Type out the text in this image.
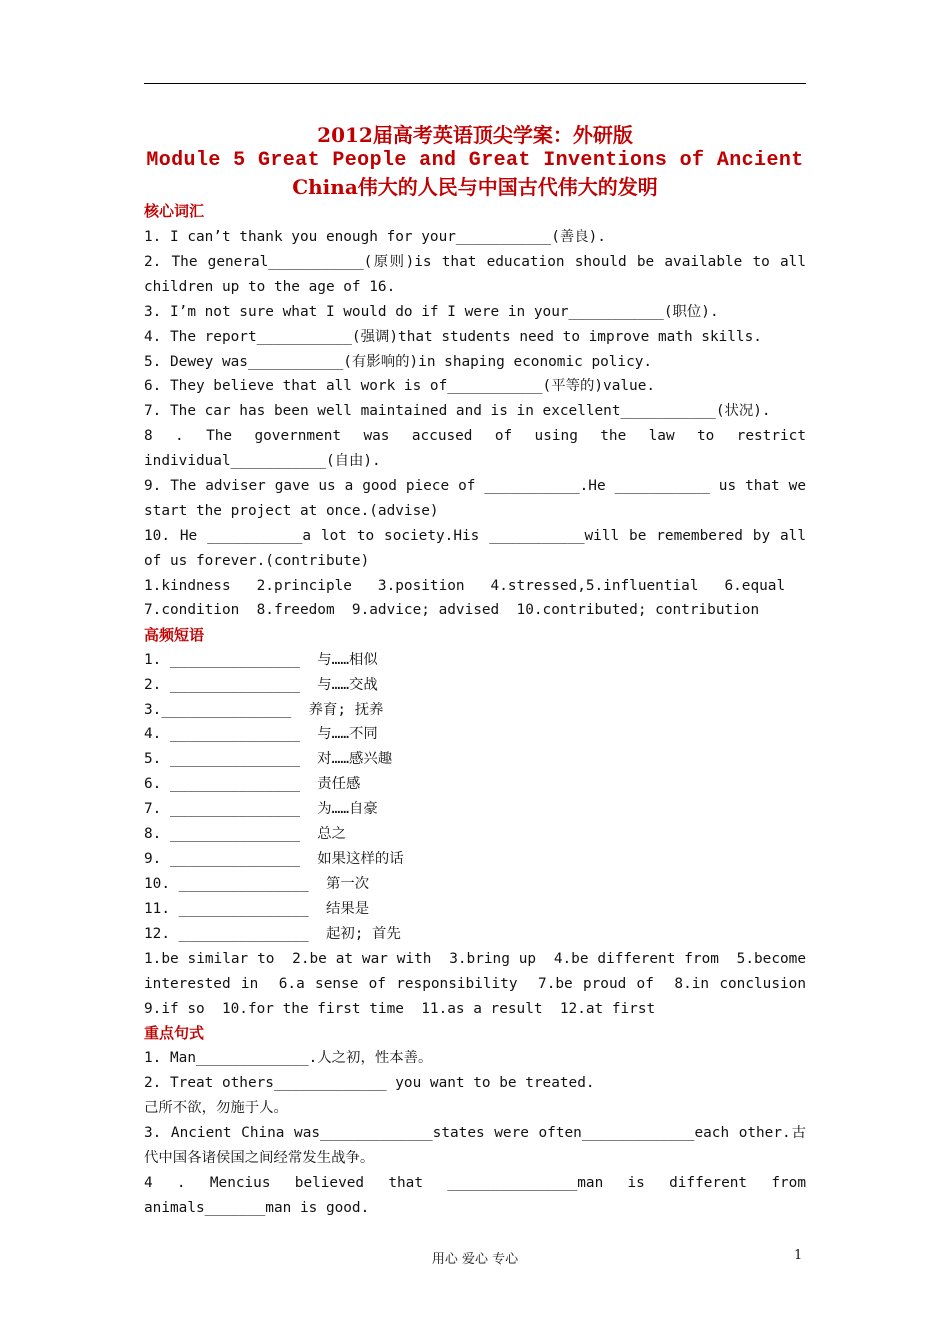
2012届高考英语顶尖学案：外研版
Module 5 Great People and Great Inventions of Ancient
China伟大的人民与中国古代伟大的发明
核心词汇
1. I can’t thank you enough for your___________(善良).
2. The general___________(原则)is that education should be available to all
children up to the age of 16.
3. I’m not sure what I would do if I were in your___________(职位).
4. The report___________(强调)that students need to improve math skills.
5. Dewey was___________(有影响的)in shaping economic policy.
6. They believe that all work is of___________(平等的)value.
7. The car has been well maintained and is in excellent___________(状况).
8 . The government was accused of using the law to restrict
individual___________(自由).
9. The adviser gave us a good piece of ___________.He ___________ us that we
start the project at once.(advise)
10. He ___________a lot to society.His ___________will be remembered by all
of us forever.(contribute)
1.kindness   2.principle   3.position   4.stressed,5.influential   6.equal
7.condition  8.freedom  9.advice; advised  10.contributed; contribution
高频短语
1. _______________  与……相似
2. _______________  与……交战
3._______________  养育; 抚养
4. _______________  与……不同
5. _______________  对……感兴趣
6. _______________  责任感
7. _______________  为……自豪
8. _______________  总之
9. _______________  如果这样的话
10. _______________  第一次
11. _______________  结果是
12. _______________  起初; 首先
1.be similar to  2.be at war with  3.bring up  4.be different from  5.become
interested in  6.a sense of responsibility  7.be proud of  8.in conclusion
9.if so  10.for the first time  11.as a result  12.at first
重点句式
1. Man_____________.人之初，性本善。
2. Treat others_____________ you want to be treated.
己所不欲，勿施于人。
3. Ancient China was_____________states were often_____________each other.古
代中国各诸侯国之间经常发生战争。
4 . Mencius believed that _______________man is different from
animals_______man is good.
用心 爱心 专心	1
